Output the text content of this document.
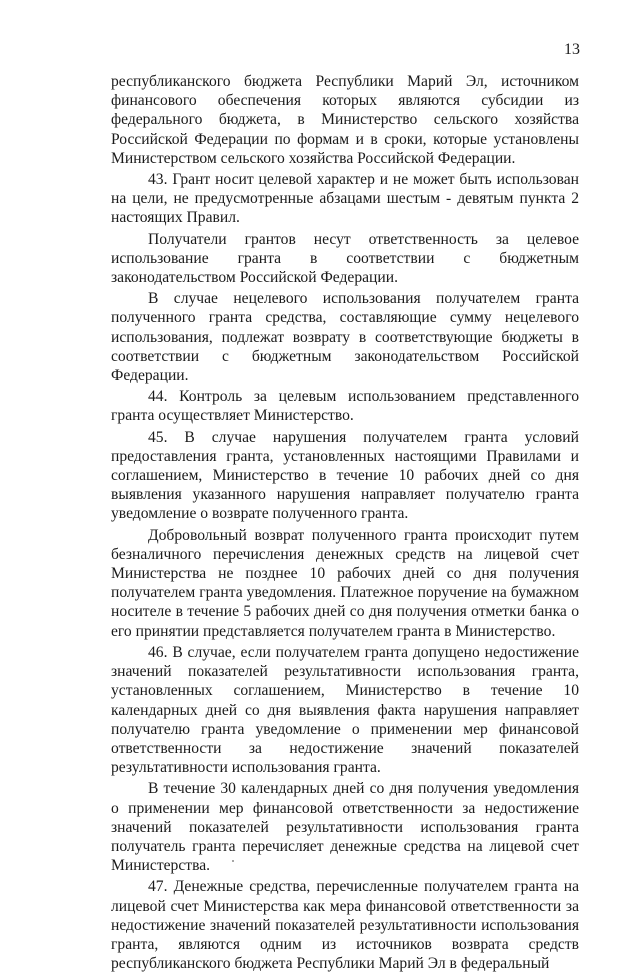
13

республиканского бюджета Республики Марий Эл, источником финансового обеспечения которых являются субсидии из федерального бюджета, в Министерство сельского хозяйства Российской Федерации по формам и в сроки, которые установлены Министерством сельского хозяйства Российской Федерации.

43. Грант носит целевой характер и не может быть использован на цели, не предусмотренные абзацами шестым - девятым пункта 2 настоящих Правил.

Получатели грантов несут ответственность за целевое использование гранта в соответствии с бюджетным законодательством Российской Федерации.

В случае нецелевого использования получателем гранта полученного гранта средства, составляющие сумму нецелевого использования, подлежат возврату в соответствующие бюджеты в соответствии с бюджетным законодательством Российской Федерации.

44. Контроль за целевым использованием представленного гранта осуществляет Министерство.

45. В случае нарушения получателем гранта условий предоставления гранта, установленных настоящими Правилами и соглашением, Министерство в течение 10 рабочих дней со дня выявления указанного нарушения направляет получателю гранта уведомление о возврате полученного гранта.

Добровольный возврат полученного гранта происходит путем безналичного перечисления денежных средств на лицевой счет Министерства не позднее 10 рабочих дней со дня получения получателем гранта уведомления. Платежное поручение на бумажном носителе в течение 5 рабочих дней со дня получения отметки банка о его принятии представляется получателем гранта в Министерство.

46. В случае, если получателем гранта допущено недостижение значений показателей результативности использования гранта, установленных соглашением, Министерство в течение 10 календарных дней со дня выявления факта нарушения направляет получателю гранта уведомление о применении мер финансовой ответственности за недостижение значений показателей результативности использования гранта.

В течение 30 календарных дней со дня получения уведомления о применении мер финансовой ответственности за недостижение значений показателей результативности использования гранта получатель гранта перечисляет денежные средства на лицевой счет Министерства.

47. Денежные средства, перечисленные получателем гранта на лицевой счет Министерства как мера финансовой ответственности за недостижение значений показателей результативности использования гранта, являются одним из источников возврата средств республиканского бюджета Республики Марий Эл в федеральный
